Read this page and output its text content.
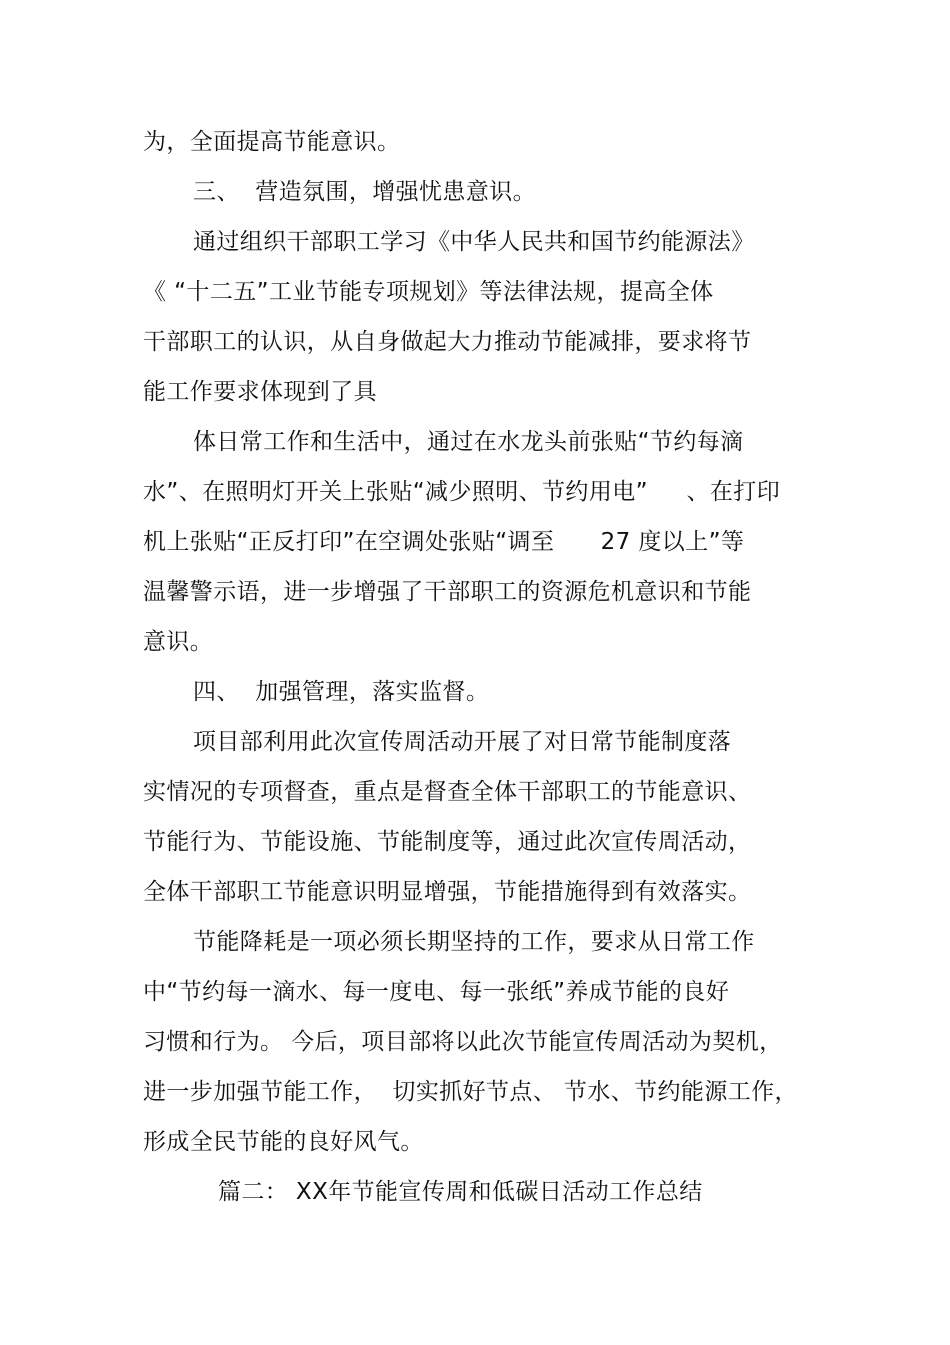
为，全面提高节能意识。
三、  营造氛围，增强忧患意识。
通过组织干部职工学习《中华人民共和国节约能源法》
《 “十二五”工业节能专项规划》等法律法规，提高全体
干部职工的认识，从自身做起大力推动节能减排，要求将节
能工作要求体现到了具
体日常工作和生活中，通过在水龙头前张贴“节约每滴
水”、在照明灯开关上张贴“减少照明、节约用电”     、在打印
机上张贴“正反打印”在空调处张贴“调至      27 度以上”等
温馨警示语，进一步增强了干部职工的资源危机意识和节能
意识。
四、  加强管理，落实监督。
项目部利用此次宣传周活动开展了对日常节能制度落
实情况的专项督查，重点是督查全体干部职工的节能意识、
节能行为、节能设施、节能制度等，通过此次宣传周活动，
全体干部职工节能意识明显增强，节能措施得到有效落实。
节能降耗是一项必须长期坚持的工作，要求从日常工作
中“节约每一滴水、每一度电、每一张纸”养成节能的良好
习惯和行为。 今后，项目部将以此次节能宣传周活动为契机，
进一步加强节能工作，  切实抓好节点、 节水、节约能源工作，
形成全民节能的良好风气。
篇二： XX年节能宣传周和低碳日活动工作总结
